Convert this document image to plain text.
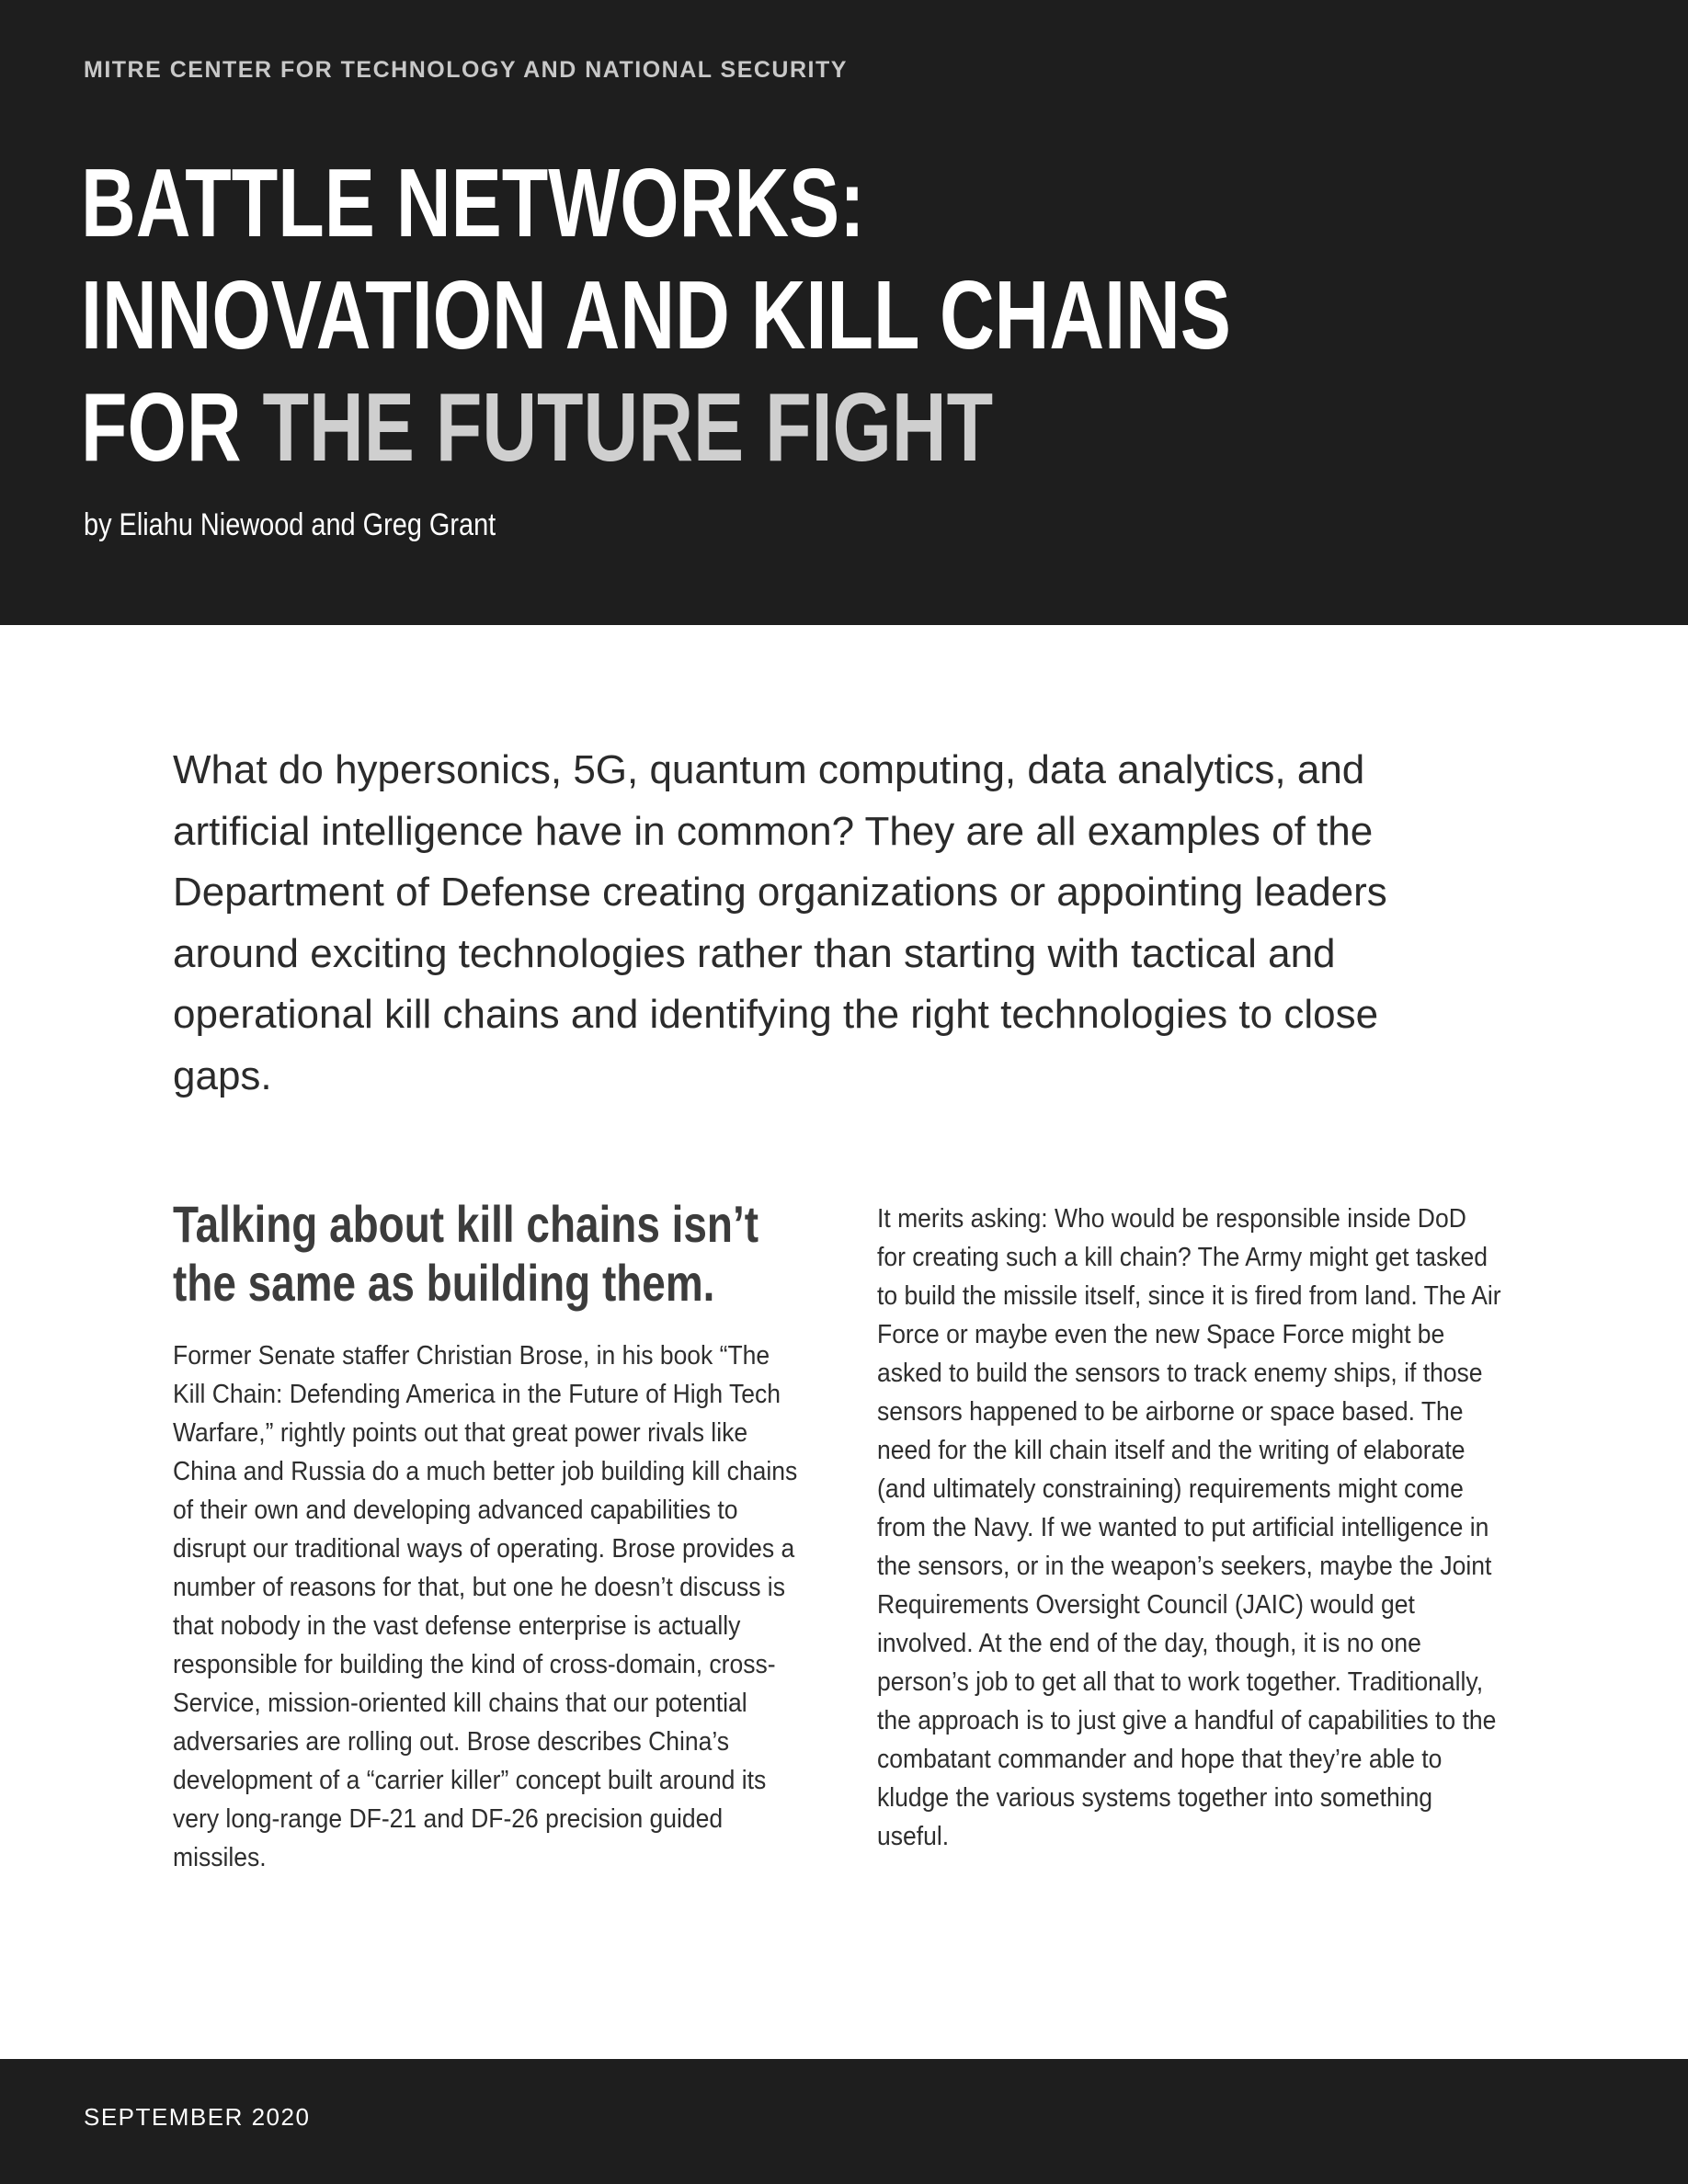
MITRE CENTER FOR TECHNOLOGY AND NATIONAL SECURITY
BATTLE NETWORKS:
INNOVATION AND KILL CHAINS
FOR THE FUTURE FIGHT
by Eliahu Niewood and Greg Grant

What do hypersonics, 5G, quantum computing, data analytics, and artificial intelligence have in common? They are all examples of the Department of Defense creating organizations or appointing leaders around exciting technologies rather than starting with tactical and operational kill chains and identifying the right technologies to close gaps.

Talking about kill chains isn’t the same as building them.

Former Senate staffer Christian Brose, in his book “The Kill Chain: Defending America in the Future of High Tech Warfare,” rightly points out that great power rivals like China and Russia do a much better job building kill chains of their own and developing advanced capabilities to disrupt our traditional ways of operating. Brose provides a number of reasons for that, but one he doesn’t discuss is that nobody in the vast defense enterprise is actually responsible for building the kind of cross-domain, cross-Service, mission-oriented kill chains that our potential adversaries are rolling out. Brose describes China’s development of a “carrier killer” concept built around its very long-range DF-21 and DF-26 precision guided missiles.

It merits asking: Who would be responsible inside DoD for creating such a kill chain? The Army might get tasked to build the missile itself, since it is fired from land. The Air Force or maybe even the new Space Force might be asked to build the sensors to track enemy ships, if those sensors happened to be airborne or space based. The need for the kill chain itself and the writing of elaborate (and ultimately constraining) requirements might come from the Navy. If we wanted to put artificial intelligence in the sensors, or in the weapon’s seekers, maybe the Joint Requirements Oversight Council (JAIC) would get involved. At the end of the day, though, it is no one person’s job to get all that to work together. Traditionally, the approach is to just give a handful of capabilities to the combatant commander and hope that they’re able to kludge the various systems together into something useful.

SEPTEMBER 2020
